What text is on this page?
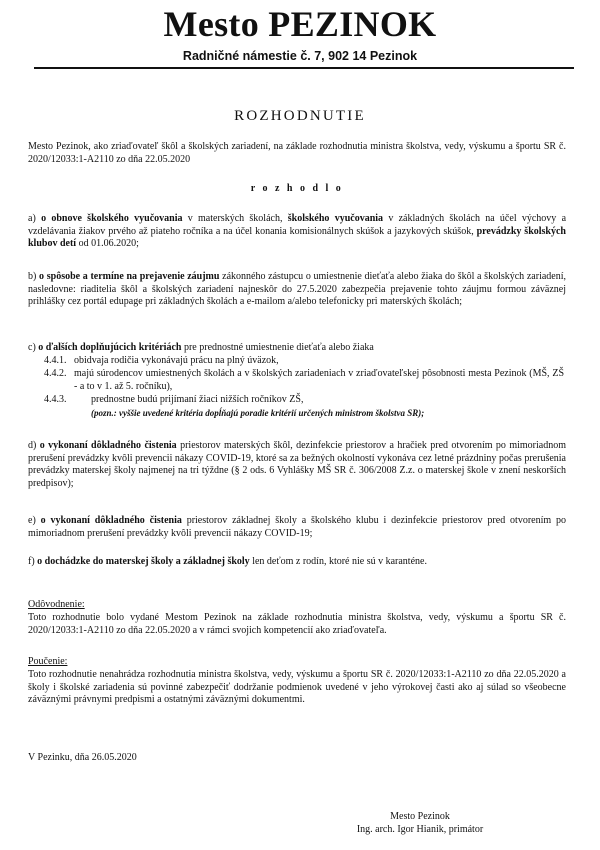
Mesto PEZINOK
Radničné námestie č. 7, 902 14 Pezinok
ROZHODNUTIE
Mesto Pezinok, ako zriaďovateľ škôl a školských zariadení, na základe rozhodnutia ministra školstva, vedy, výskumu a športu SR č. 2020/12033:1-A2110 zo dňa 22.05.2020
r o z h o d l o
a) o obnove školského vyučovania v materských školách, školského vyučovania v základných školách na účel výchovy a vzdelávania žiakov prvého až piateho ročníka a na účel konania komisionálnych skúšok a jazykových skúšok, prevádzky školských klubov detí od 01.06.2020;
b) o spôsobe a termíne na prejavenie záujmu zákonného zástupcu o umiestnenie dieťaťa alebo žiaka do škôl a školských zariadení, nasledovne: riaditelia škôl a školských zariadení najneskôr do 27.5.2020 zabezpečia prejavenie tohto záujmu formou záväznej prihlášky cez portál edupage pri základných školách a e-mailom a/alebo telefonicky pri materských školách;
c) o ďalších doplňujúcich kritériách pre prednostné umiestnenie dieťaťa alebo žiaka
4.4.1. obidvaja rodičia vykonávajú prácu na plný úväzok,
4.4.2. majú súrodencov umiestnených školách a v školských zariadeniach v zriaďovateľskej pôsobnosti mesta Pezinok (MŠ, ZŠ - a to v 1. až 5. ročníku),
4.4.3.	prednostne budú prijímaní žiaci nižších ročníkov ZŠ,
(pozn.: vyššie uvedené kritéria dopĺňajú poradie kritérií určených ministrom školstva SR);
d) o vykonaní dôkladného čistenia priestorov materských škôl, dezinfekcie priestorov a hračiek pred otvorením po mimoriadnom prerušení prevádzky kvôli prevencii nákazy COVID-19, ktoré sa za bežných okolností vykonáva cez letné prázdniny počas prerušenia prevádzky materskej školy najmenej na tri týždne (§ 2 ods. 6 Vyhlášky MŠ SR č. 306/2008 Z.z. o materskej škole v znení neskorších predpisov);
e) o vykonaní dôkladného čistenia priestorov základnej školy a školského klubu i dezinfekcie priestorov pred otvorením po mimoriadnom prerušení prevádzky kvôli prevencii nákazy COVID-19;
f) o dochádzke do materskej školy a základnej školy len deťom z rodín, ktoré nie sú v karanténe.
Odôvodnenie:
Toto rozhodnutie bolo vydané Mestom Pezinok na základe rozhodnutia ministra školstva, vedy, výskumu a športu SR č. 2020/12033:1-A2110 zo dňa 22.05.2020 a v rámci svojich kompetencií ako zriaďovateľa.
Poučenie:
Toto rozhodnutie nenahrádza rozhodnutia ministra školstva, vedy, výskumu a športu SR č. 2020/12033:1-A2110 zo dňa 22.05.2020 a školy i školské zariadenia sú povinné zabezpečiť dodržanie podmienok uvedené v jeho výrokovej časti ako aj súlad so všeobecne záväznými právnymi predpismi a ostatnými záväznými dokumentmi.
V Pezinku, dňa 26.05.2020
Mesto Pezinok
Ing. arch. Igor Hianik, primátor
